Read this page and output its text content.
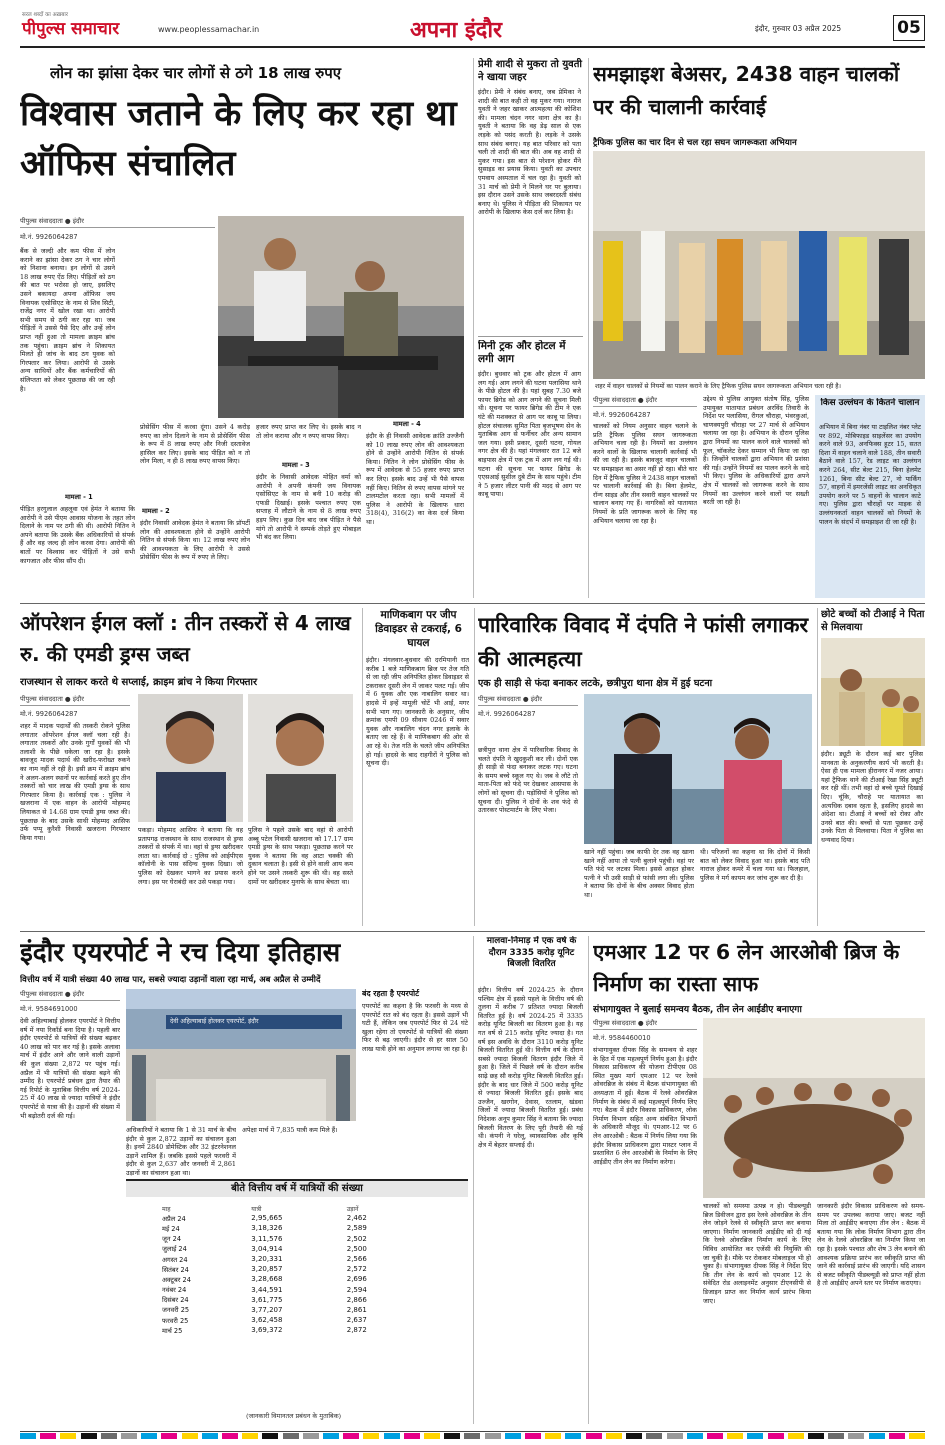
सरल शब्दों का अख़बार
पीपुल्स समाचार	www.peoplessamachar.in	अपना इंदौर	इंदौर, गुरुवार 03 अप्रैल 2025	05
लोन का झांसा देकर चार लोगों से ठगे 18 लाख रुपए
विश्वास जताने के लिए कर रहा था ऑफिस संचालित
पीपुल्स संवाददाता ● इंदौर
मो.नं. 9926064287
बैंक से जल्दी और कम फीस में लोन कराने का झांसा देकर ठग ने चार लोगों को निशाना बनाया। इन लोगों से उसने 18 लाख रुपए ऐंठ लिए। पीड़ितों को ठग की बात पर भरोसा हो जाए, इसलिए उसने बकायदा अपना ऑफिस जय विनायक एसोसिएट के नाम से शिव सिटी, राजेंद्र नगर में खोल रखा था। आरोपी सभी समय से ठगी कर रहा था। जब पीड़ितों ने उससे पैसे दिए और उन्हें लोन प्राप्त नहीं हुआ तो मामला क्राइम ब्रांच तक पहुंचा। क्राइम ब्रांच ने शिकायत मिलते ही जांच के बाद ठग युवक को गिरफ्तार कर लिया। आरोपी से उसके अन्य साथियों और बैंक कर्मचारियों की संलिप्तता को लेकर पूछताछ की जा रही है।
मामला - 1
पीड़ित हरगुलाल अहलूवा एवं हेमंत ने बताया कि आरोपी ने उसे पीएम आवास योजना के तहत लोन दिलाने के नाम पर ठगी की थी। आरोपी नितिन ने अपने बताया कि उसके बैंक अधिकारियों से संपर्क हैं और वह जल्द ही लोन करवा देगा। आरोपी की बातों पर विश्वास कर पीड़ितों ने उसे सभी कागजात और फीस सौंप दी।
प्रोसेसिंग फीस में करवा दूंगा। उसने 4 करोड़ रुपए का लोन दिलाने के नाम से प्रोसेसिंग फीस के रूप में 8 लाख रुपए और निजी दस्तावेज हासिल कर लिए। इसके बाद पीड़ित को न तो लोन मिला, न ही 8 लाख रुपए वापस किए।
मामला - 2
इंदौर निवासी आवेदक हेमंत ने बताया कि प्रॉपर्टी लोन की आवश्यकता होने से उन्होंने आरोपी नितिन से संपर्क किया था। 12 लाख रुपए लोन की आवश्यकता के लिए आरोपी ने उससे प्रोसेसिंग फीस के रूप में रुपए ले लिए।
हजार रुपए प्राप्त कर लिए थे। इसके बाद न तो लोन कराया और न रुपए वापस किए।
मामला - 3
इंदौर के निवासी आवेदक मोहित वर्मा को आरोपी ने अपनी कंपनी जय विनायक एसोसिएट के नाम से बनी 10 करोड़ की एफडी दिखाई। इसके पश्चात रुपए एक सप्ताह में लौटाने के नाम से 8 लाख रुपए हड़प लिए। कुछ दिन बाद जब पीड़ित ने पैसे मांगे तो आरोपी ने सम्पर्क तोड़ते हुए मोबाइल भी बंद कर लिया।
मामला - 4
इंदौर के ही निवासी आवेदक क्रांति उज्जैनी को 10 लाख रुपए लोन की आवश्यकता होने से उन्होंने आरोपी नितिन से संपर्क किया। नितिन ने लोन प्रोसेसिंग फीस के रूप में आवेदक से 55 हजार रुपए प्राप्त कर लिए। इसके बाद उन्हें भी पैसे वापस नहीं किए। नितिन से रुपए वापस मांगने पर टालमटोल करता रहा। सभी मामलों में पुलिस ने आरोपी के खिलाफ धारा 318(4), 316(2) का केस दर्ज किया था।
प्रेमी शादी से मुकरा तो युवती ने खाया जहर
इंदौर। प्रेमी ने संबंध बनाए, जब प्रेमिका ने शादी की बात कही तो वह मुकर गया। नाराज युवती ने जहर खाकर आत्महत्या की कोशिश की। मामला चंदन नगर थाना क्षेत्र का है। युवती ने बताया कि वह डेढ़ साल से एक लड़के को पसंद करती है। लड़के ने उसके साथ संबंध बनाए। यह बात परिवार को पता चली तो शादी की बात की। अब वह शादी से मुकर गया। इस बात से परेशान होकर मैंने सुसाइड का प्रयास किया। युवती का उपचार एमवाय अस्पताल में चल रहा है। युवती को 31 मार्च को प्रेमी ने मिलने घर पर बुलाया। इस दौरान उसने उसके साथ जबरदस्ती संबंध बनाए थे। पुलिस ने पीड़िता की शिकायत पर आरोपी के खिलाफ केस दर्ज कर लिया है।
मिनी ट्रक और होटल में लगी आग
इंदौर। बुधवार को ट्रक और होटल में आग लग गई। आग लगने की घटना पलासिया थाने के पीछे होटल की है। यहां सुबह 7.30 बजे फायर ब्रिगेड को आग लगने की सूचना मिली थी। सूचना पर फायर ब्रिगेड की टीम ने एक घंटे की मशक्कत से आग पर काबू पा लिया। होटल संचालक सुमित पिता बृजभूषण सेन के मुताबिक आग से फर्नीचर और अन्य सामान जल गया। इसी प्रकार, दूसरी घटना, गोयल नगर क्षेत्र की है। यहां मंगलवार रात 12 बजे बाइपास क्षेत्र में एक ट्रक में आग लग गई थी। घटना की सूचना पर फायर ब्रिगेड के एएसआई सुशील दुबे टीम के साथ पहुंचे। टीम ने 5 हजार लीटर पानी की मदद से आग पर काबू पाया।
समझाइश बेअसर, 2438 वाहन चालकों पर की चालानी कार्रवाई
ट्रैफिक पुलिस का चार दिन से चल रहा सघन जागरूकता अभियान
शहर में वाहन चालकों से नियमों का पालन कराने के लिए ट्रैफिक पुलिस सघन जागरूकता अभियान चला रही है।
पीपुल्स संवाददाता ● इंदौर
मो.नं. 9926064287
चालकों को नियम अनुसार वाहन चलाने के प्रति ट्रैफिक पुलिस सघन जागरूकता अभियान चला रही है। नियमों का उल्लंघन करने वालों के खिलाफ चालानी कार्रवाई भी की जा रही है। इसके बावजूद वाहन चालकों पर समझाइश का असर नहीं हो रहा। बीते चार दिन में ट्रैफिक पुलिस ने 2438 वाहन चालकों पर चालानी कार्रवाई की है। बिना हेलमेट, रॉन्ग साइड और तीन सवारी वाहन चालकों पर चालान बनाए गए हैं। नागरिकों को यातायात नियमों के प्रति जागरूक करने के लिए यह अभियान चलाया जा रहा है।
उद्देश्य से पुलिस आयुक्त संतोष सिंह, पुलिस उपायुक्त यातायात प्रबंधन अरविंद तिवारी के निर्देश पर पलासिया, रीगल चौराहा, भंवरकुआं, चाणक्यपुरी चौराहा पर 27 मार्च से अभियान चलाया जा रहा है। अभियान के दौरान पुलिस द्वारा नियमों का पालन करने वाले चालकों को फूल, चॉकलेट देकर सम्मान भी किया जा रहा है। जिन्होंने चालकों द्वारा अभियान की प्रशंसा की गई। उन्होंने नियमों का पालन करने के वादे भी किए। पुलिस के अधिकारियों द्वारा अपने क्षेत्र में चालकों को जागरूक करने के साथ नियमों का उल्लंघन करने वालों पर सख्ती बरती जा रही है।
किस उल्लंघन के कितने चालान
अभियान में बिना नंबर या टाइलिश नंबर प्लेट पर 892, मोबिफाइड साइलेंसर का उपयोग करने वाले 93, अनफिक्स हूटर 15, सतत दिशा में वाहन चलाने वाले 188, तीन सवारी बैठाने वाले 157, रेड लाइट का उल्लंघन करने 264, सीट बेल्ट 215, बिना हेलमेट 1261, बिना सीट बेल्ट 27, नो पार्किंग 57, वाहनों में इमरजेंसी लाइट का अनधिकृत उपयोग करने पर 5 वाहनों के चालान काटे गए। पुलिस द्वारा चौराहों पर माइक से उल्लंघनकर्ता वाहन चालकों को नियमों के पालन के संदर्भ में समझाइश दी जा रही है।
ऑपरेशन ईगल क्लॉ : तीन तस्करों से 4 लाख रु. की एमडी ड्रग्स जब्त
राजस्थान से लाकर करते थे सप्लाई, क्राइम ब्रांच ने किया गिरफ्तार
पीपुल्स संवाददाता ● इंदौर
मो.नं. 9926064287
शहर में मादक पदार्थों की तस्करी रोकने पुलिस लगातार ऑपरेशन ईगल क्लॉ चला रही है। लगातार तस्करों और उनके गुर्गों युवकों की भी तलाशी के पीछे धकेला जा रहा है। इसके बावजूद मादक पदार्थ की खरीद-फरोख्त रुकने का नाम नहीं ले रही है। इसी क्रम में क्राइम ब्रांच ने अलग-अलग स्थानों पर कार्रवाई करते हुए तीन तस्करों को चार लाख की एमडी ड्रग्स के साथ गिरफ्तार किया है। कार्रवाई एक : पुलिस ने खजराना में एक वाहन के आरोपी मोहम्मद लियाकत से 14.68 ग्राम एमडी ड्रग्स जब्त की। पूछताछ के बाद उसके साथी मोहम्मद आसिफ उर्फ पप्पू कुरैशी निवासी खजराना गिरफ्तार किया गया।
पकड़ा। मोहम्मद आसिफ ने बताया कि वह प्रतापगढ़ राजस्थान के साथ राजस्थान से ड्रग्स तस्करों से संपर्क में था। वहां से ड्रग्स खरीदकर लाता था। कार्रवाई दो : पुलिस को आईपीएस कॉलोनी के पास संदिग्ध युवक दिखा। जो पुलिस को देखकर भागने का प्रयास करने लगा। इस पर घेराबंदी कर उसे पकड़ा गया।
पुलिस ने पहले उसके बाद वहां से आरोपी अब्बू पटेल निवासी खजराना को 17.17 ग्राम एमडी ड्रग्स के साथ पकड़ा। पूछताछ करने पर युवक ने बताया कि वह आटा चक्की की दुकान चलाता है। इसी से होने वाली आय कम होने पर उसने तस्करी शुरू की थी। वह सस्ते दामों पर खरीदकर मुनाफे के साथ बेचता था।
माणिकबाग पर जीप डिवाइडर से टकराई, 6 घायल
इंदौर। मंगलवार-बुधवार की दरमियानी रात करीब 1 बजे माणिकबाग ब्रिज पर तेज गति से जा रही जीप अनियंत्रित होकर डिवाइडर से टकराकर दूसरी लेन में जाकर पलट गई। जीप में 6 युवक और एक नाबालिग सवार था। हादसे में इन्हें मामूली चोटें भी आईं, मगर सभी भाग गए। जानकारी के अनुसार, जीप क्रमांक एमपी 09 सीवाय 0246 में सवार युवक और नाबालिग चंदन नगर इलाके के बताए जा रहे हैं। वे माणिकबाग की ओर से आ रहे थे। तेज गति के चलते जीप अनियंत्रित हो गई। हादसे के बाद राहगीरों ने पुलिस को सूचना दी।
पारिवारिक विवाद में दंपति ने फांसी लगाकर की आत्महत्या
एक ही साड़ी से फंदा बनाकर लटके, छत्रीपुरा थाना क्षेत्र में हुई घटना
पीपुल्स संवाददाता ● इंदौर
मो.नं. 9926064287
छत्रीपुरा थाना क्षेत्र में पारिवारिक विवाद के चलते दंपति ने खुदकुशी कर ली। दोनों एक ही साड़ी से फंदा बनाकर लटक गए। घटना के समय बच्चे स्कूल गए थे। जब वे लौटे तो माता-पिता को फंदे पर देखकर आसपास के लोगों को सूचना दी। पड़ोसियों ने पुलिस को सूचना दी। पुलिस ने दोनों के शव फंदे से उतारकर पोस्टमार्टम के लिए भेजा।
खाने नहीं पहुंचा। जब काफी देर तक वह खाना खाने नहीं आया तो पत्नी बुलाने पहुंची। वहां पर पति फंदे पर लटका मिला। इससे आहत होकर पत्नी ने भी उसी साड़ी से फांसी लगा ली। पुलिस ने बताया कि दोनों के बीच अक्सर विवाद होता था।
थी। परिजनों का कहना था कि दोनों में किसी बात को लेकर विवाद हुआ था। इसके बाद पति नाराज होकर कमरे में चला गया था। फिलहाल, पुलिस ने मर्ग कायम कर जांच शुरू कर दी है।
छोटे बच्चों को टीआई ने पिता से मिलवाया
इंदौर। ड्यूटी के दौरान कई बार पुलिस मानवता के अनुकरणीय कार्य भी करती है। ऐसा ही एक मामला हीरानगर में नजर आया। यहां ट्रैफिक थाने की टीआई रेखा सिंह ड्यूटी कर रही थीं। तभी वहां दो बच्चे घूमते दिखाई दिए। चूंकि, चौराहे पर यातायात का अत्यधिक दबाव रहता है, इसलिए हादसे का अंदेशा था। टीआई ने बच्चों को रोका और उनसे बात की। बच्चों से पता पूछकर उन्हें उनके पिता से मिलवाया। पिता ने पुलिस का धन्यवाद दिया।
इंदौर एयरपोर्ट ने रच दिया इतिहास
वित्तीय वर्ष में यात्री संख्या 40 लाख पार, सबसे ज्यादा उड़ानों वाला रहा मार्च, अब अप्रैल से उम्मीदें
पीपुल्स संवाददाता ● इंदौर
मो.नं. 9584691000
देवी अहिल्याबाई होलकर एयरपोर्ट ने वित्तीय वर्ष में नया रिकॉर्ड बना दिया है। पहली बार इंदौर एयरपोर्ट से यात्रियों की संख्या बढ़कर 40 लाख को पार कर गई है। इसके अलावा मार्च में इंदौर आने और जाने वाली उड़ानों की कुल संख्या 2,872 पर पहुंच गई। अप्रैल में भी यात्रियों की संख्या बढ़ने की उम्मीद है। एयरपोर्ट प्रबंधन द्वारा तैयार की गई रिपोर्ट के मुताबिक वित्तीय वर्ष 2024-25 में 40 लाख से ज्यादा यात्रियों ने इंदौर एयरपोर्ट से यात्रा की है। उड़ानों की संख्या में भी बढ़ोतरी दर्ज की गई।
देवी अहिल्याबाई होलकर एयरपोर्ट, इंदौर
अधिकारियों ने बताया कि 1 से 31 मार्च के बीच इंदौर से कुल 2,872 उड़ानों का संचालन हुआ है। इनमें 2840 डोमेस्टिक और 32 इंटरनेशनल उड़ानें शामिल हैं। जबकि इससे पहले फरवरी में इंदौर से कुल 2,637 और जनवरी में 2,861 उड़ानों का संचालन हुआ था।
अपेक्षा मार्च में 7,835 यात्री कम मिले हैं।
बंद रहता है एयरपोर्ट
एयरपोर्ट का कहना है कि फरवरी के मध्य से एयरपोर्ट रात को बंद रहता है। इससे उड़ानें भी घटी हैं, लेकिन जब एयरपोर्ट फिर से 24 घंटे खुला रहेगा तो एयरपोर्ट से यात्रियों की संख्या फिर से बढ़ जाएगी। इंदौर से हर साल 50 लाख यात्री होने का अनुमान लगाया जा रहा है।
बीते वित्तीय वर्ष में यात्रियों की संख्या
माह	यात्री	उड़ानें
अप्रैल 24	2,95,665	2,462
मई 24	3,18,326	2,589
जून 24	3,11,576	2,502
जुलाई 24	3,04,914	2,500
अगस्त 24	3,20,331	2,566
सितंबर 24	3,20,857	2,572
अक्टूबर 24	3,28,668	2,696
नवंबर 24	3,44,591	2,594
दिसंबर 24	3,61,775	2,866
जनवरी 25	3,77,207	2,861
फरवरी 25	3,62,458	2,637
मार्च 25	3,69,372	2,872
(जानकारी विमानतल प्रबंधन के मुताबिक)
मालवा-निमाड़ में एक वर्ष के दौरान 3335 करोड़ यूनिट बिजली वितरित
इंदौर। वित्तीय वर्ष 2024-25 के दौरान पश्चिम क्षेत्र में इससे पहले के वित्तीय वर्ष की तुलना में करीब 7 प्रतिशत ज्यादा बिजली वितरित हुई है। वर्ष 2024-25 में 3335 करोड़ यूनिट बिजली का वितरण हुआ है। यह गत वर्ष से 215 करोड़ यूनिट ज्यादा है। गत वर्ष इस अवधि के दौरान 3110 करोड़ यूनिट बिजली वितरित हुई थी। वित्तीय वर्ष के दौरान सबसे ज्यादा बिजली वितरण इंदौर जिले में हुआ है। जिले में पिछले वर्ष के दौरान करीब साढ़े छह सौ करोड़ यूनिट बिजली वितरित हुई। इंदौर के बाद धार जिले में 500 करोड़ यूनिट से ज्यादा बिजली वितरित हुई। इसके बाद उज्जैन, खरगोन, देवास, रतलाम, खंडवा जिलों में ज्यादा बिजली वितरित हुई। प्रबंध निदेशक अनूप कुमार सिंह ने बताया कि ज्यादा बिजली वितरण के लिए पूरी तैयारी की गई थी। कंपनी ने घरेलू, व्यावसायिक और कृषि क्षेत्र में बेहतर सप्लाई दी।
एमआर 12 पर 6 लेन आरओबी ब्रिज के निर्माण का रास्ता साफ
संभागायुक्त ने बुलाई समन्वय बैठक, तीन लेन आईडीए बनाएगा
पीपुल्स संवाददाता ● इंदौर
मो.नं. 9584460010
संभागायुक्त दीपक सिंह के समन्वय से शहर के हित में एक महत्वपूर्ण निर्णय हुआ है। इंदौर विकास प्राधिकरण की योजना टीपीएस 08 स्थित मुख्य मार्ग एमआर 12 पर रेलवे ओवरब्रिज के संबंध में बैठक संभागायुक्त की अध्यक्षता में हुई। बैठक में रेलवे ओवरब्रिज निर्माण के संबंध में कई महत्वपूर्ण निर्णय लिए गए। बैठक में इंदौर विकास प्राधिकरण, लोक निर्माण विभाग सहित अन्य संबंधित विभागों के अधिकारी मौजूद थे। एमआर-12 पर 6 लेन आरओबी : बैठक में निर्णय लिया गया कि इंदौर विकास प्राधिकरण द्वारा मास्टर प्लान में प्रस्तावित 6 लेन आरओबी के निर्माण के लिए आईडीए तीन लेन का निर्माण करेगा।
चालकों को समस्या उत्पन्न न हो। पीडब्ल्यूडी ब्रिज डिवीजन द्वारा इस रेलवे ओवरब्रिज के तीन लेन जोड़ने रेलवे से स्वीकृति प्राप्त कर बनाया जाएगा। निर्माण जानकारी आईडीए को दी गई कि रेलवे ओवरब्रिज निर्माण कार्य के लिए विविध आयोजित कर एजेंसी की नियुक्ति की जा चुकी है। मौके पर रोककर मोबलाइज भी हो चुका है। संभागायुक्त दीपक सिंह ने निर्देश दिए कि तीन लेन के कार्य को एमआर 12 के संवेदित रोड अलाइनमेंट अनुसार टीएनसीपी से डिजाइन प्राप्त कर निर्माण कार्य प्रारंभ किया जाए।
जानकारी इंदौर विकास प्राधिकरण को समय-समय पर उपलब्ध कराया जाए। बजट नहीं मिला तो आईडीए बनाएगा तीन लेन : बैठक में बताया गया कि लोक निर्माण विभाग द्वारा तीन लेन के रेलवे ओवरब्रिज का निर्माण किया जा रहा है। इसके पश्चात और शेष 3 लेन बनाने की आवश्यक प्रक्रिया प्रारंभ कर स्वीकृति प्राप्त की जाने की कार्रवाई प्रारंभ की जाएगी। यदि शासन से बजट स्वीकृति पीडब्ल्यूडी को प्राप्त नहीं होता है तो आईडीए अपने स्तर पर निर्माण कराएगा।
